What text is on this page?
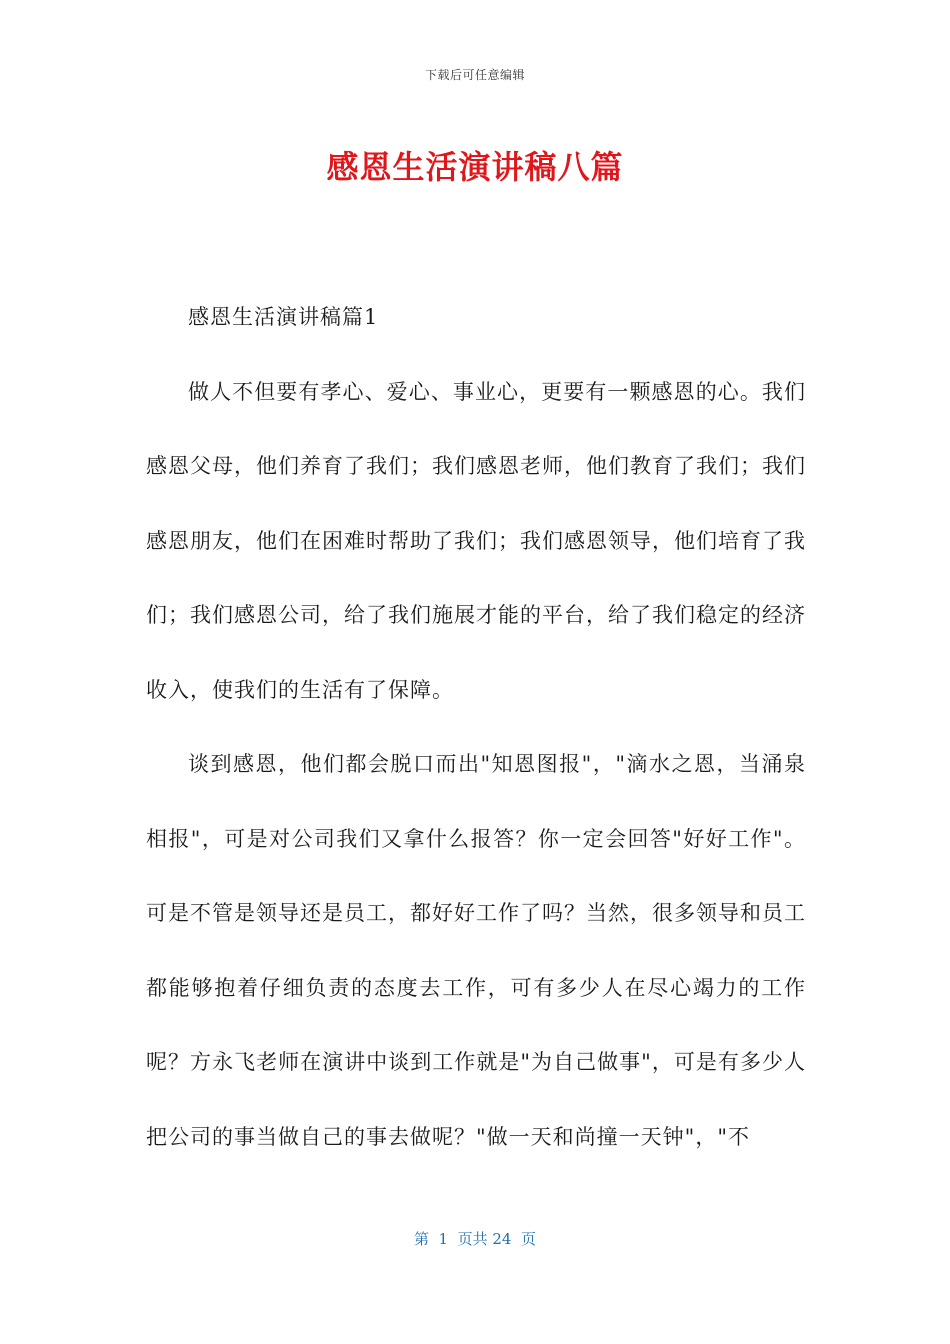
下载后可任意编辑
感恩生活演讲稿八篇

感恩生活演讲稿篇1

做人不但要有孝心、爱心、事业心，更要有一颗感恩的心。我们感恩父母，他们养育了我们；我们感恩老师，他们教育了我们；我们感恩朋友，他们在困难时帮助了我们；我们感恩领导，他们培育了我们；我们感恩公司，给了我们施展才能的平台，给了我们稳定的经济收入，使我们的生活有了保障。

谈到感恩，他们都会脱口而出"知恩图报"，"滴水之恩，当涌泉相报"，可是对公司我们又拿什么报答？你一定会回答"好好工作"。可是不管是领导还是员工，都好好工作了吗？当然，很多领导和员工都能够抱着仔细负责的态度去工作，可有多少人在尽心竭力的工作呢？方永飞老师在演讲中谈到工作就是"为自己做事"，可是有多少人把公司的事当做自己的事去做呢？"做一天和尚撞一天钟"，"不

第  1  页共 24  页
